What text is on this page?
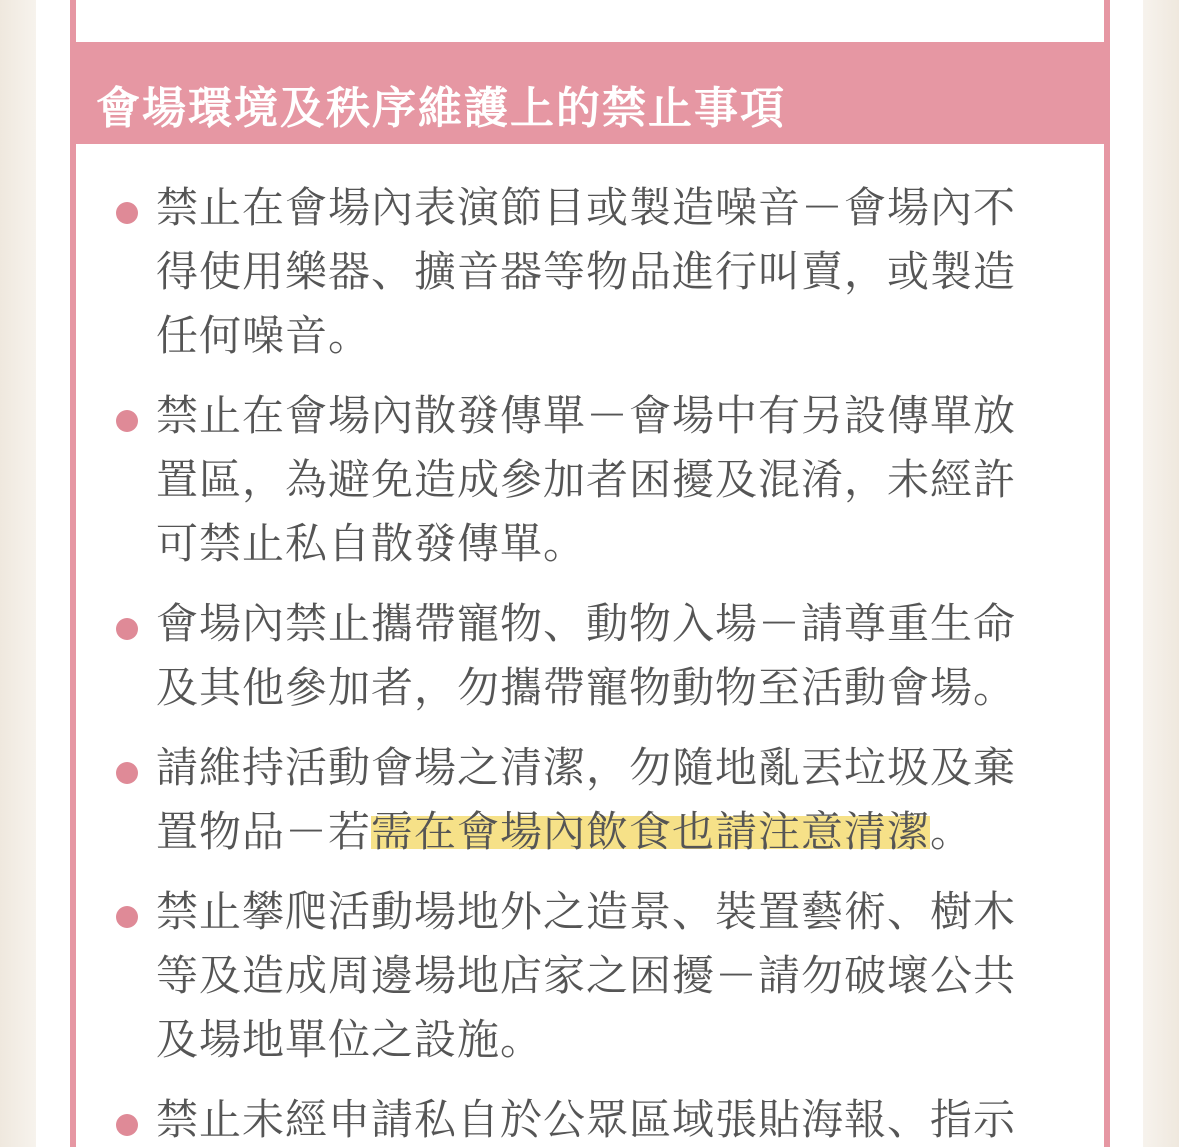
會場環境及秩序維護上的禁止事項
禁止在會場內表演節目或製造噪音－會場內不
得使用樂器、擴音器等物品進行叫賣，或製造
任何噪音。
禁止在會場內散發傳單－會場中有另設傳單放
置區，為避免造成參加者困擾及混淆，未經許
可禁止私自散發傳單。
會場內禁止攜帶寵物、動物入場－請尊重生命
及其他參加者，勿攜帶寵物動物至活動會場。
請維持活動會場之清潔，勿隨地亂丟垃圾及棄
置物品－若需在會場內飲食也請注意清潔。
禁止攀爬活動場地外之造景、裝置藝術、樹木
等及造成周邊場地店家之困擾－請勿破壞公共
及場地單位之設施。
禁止未經申請私自於公眾區域張貼海報、指示
